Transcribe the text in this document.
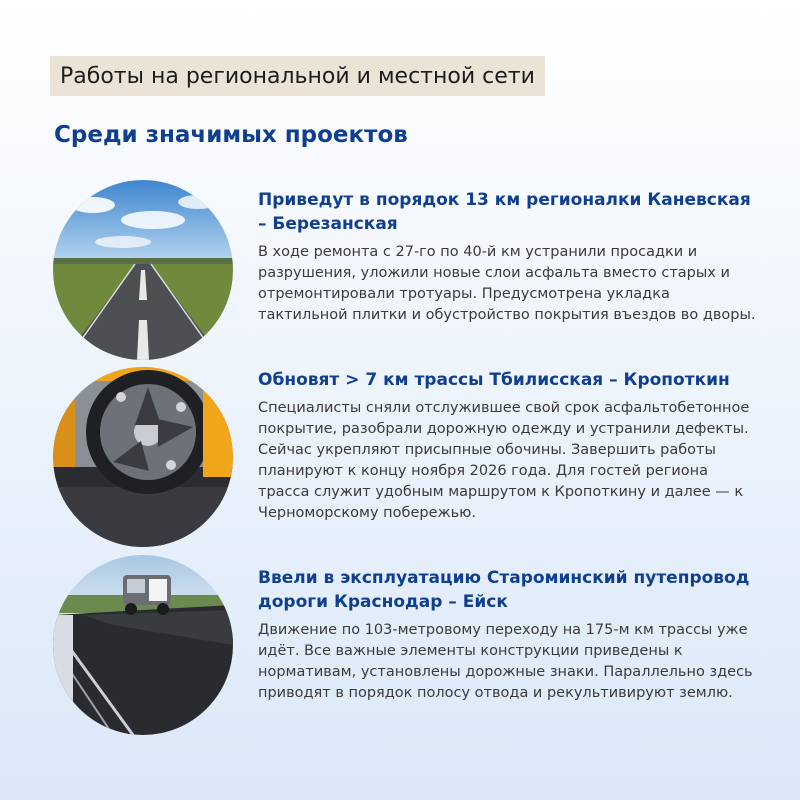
Работы на региональной и местной сети
Среди значимых проектов
Приведут в порядок 13 км регионалки Каневская – Березанская

В ходе ремонта с 27-го по 40-й км устранили просадки и разрушения, уложили новые слои асфальта вместо старых и отремонтировали тротуары. Предусмотрена укладка тактильной плитки и обустройство покрытия въездов во дворы.

Обновят > 7 км трассы Тбилисская – Кропоткин

Специалисты сняли отслужившее свой срок асфальтобетонное покрытие, разобрали дорожную одежду и устранили дефекты. Сейчас укрепляют присыпные обочины. Завершить работы планируют к концу ноября 2026 года. Для гостей региона трасса служит удобным маршрутом к Кропоткину и далее — к Черноморскому побережью.

Ввели в эксплуатацию Староминский путепровод дороги Краснодар – Ейск

Движение по 103-метровому переходу на 175-м км трассы уже идёт. Все важные элементы конструкции приведены к нормативам, установлены дорожные знаки. Параллельно здесь приводят в порядок полосу отвода и рекультивируют землю.
